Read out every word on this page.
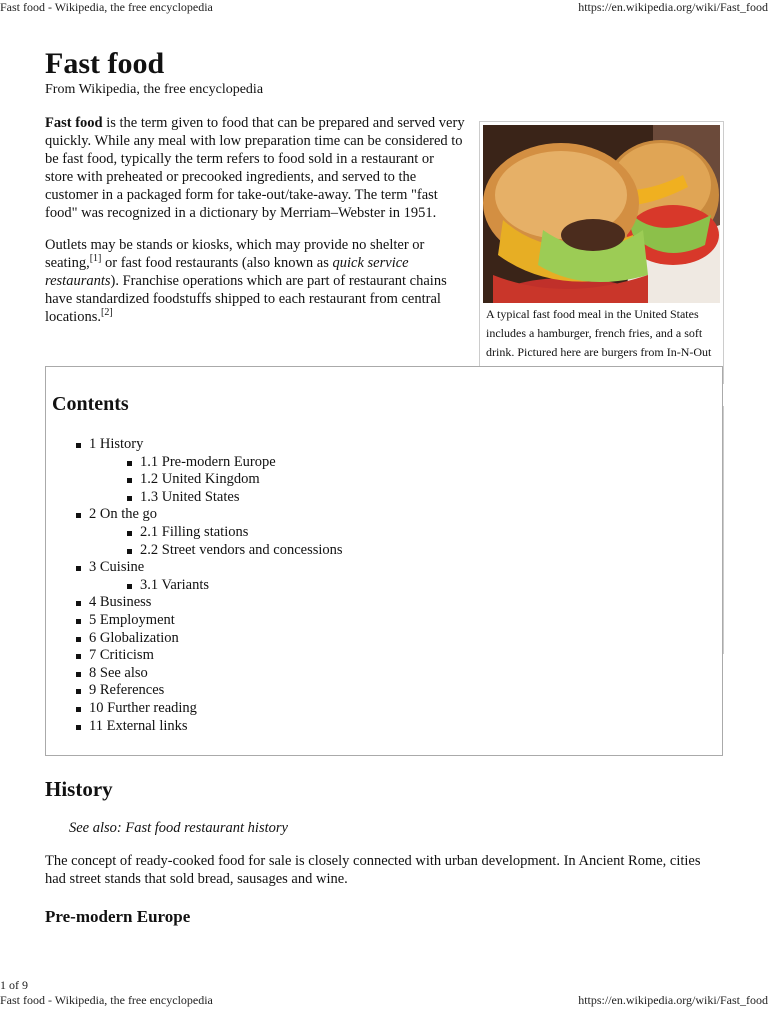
Fast food - Wikipedia, the free encyclopedia	https://en.wikipedia.org/wiki/Fast_food
Fast food
From Wikipedia, the free encyclopedia

Fast food is the term given to food that can be prepared and served very quickly. While any meal with low preparation time can be considered to be fast food, typically the term refers to food sold in a restaurant or store with preheated or precooked ingredients, and served to the customer in a packaged form for take-out/take-away. The term "fast food" was recognized in a dictionary by Merriam–Webster in 1951.

Outlets may be stands or kiosks, which may provide no shelter or seating,[1] or fast food restaurants (also known as quick service restaurants). Franchise operations which are part of restaurant chains have standardized foodstuffs shipped to each restaurant from central locations.[2]	A typical fast food meal in the United States includes a hamburger, french fries, and a soft drink. Pictured here are burgers from In-N-Out
Contents
1 History
1.1 Pre-modern Europe
1.2 United Kingdom
1.3 United States
2 On the go
2.1 Filling stations
2.2 Street vendors and concessions
3 Cuisine
3.1 Variants
4 Business
5 Employment
6 Globalization
7 Criticism
8 See also
9 References
10 Further reading
11 External links
History
See also: Fast food restaurant history

The concept of ready-cooked food for sale is closely connected with urban development. In Ancient Rome, cities had street stands that sold bread, sausages and wine.

Pre-modern Europe
1 of 9
Fast food - Wikipedia, the free encyclopedia	https://en.wikipedia.org/wiki/Fast_food
